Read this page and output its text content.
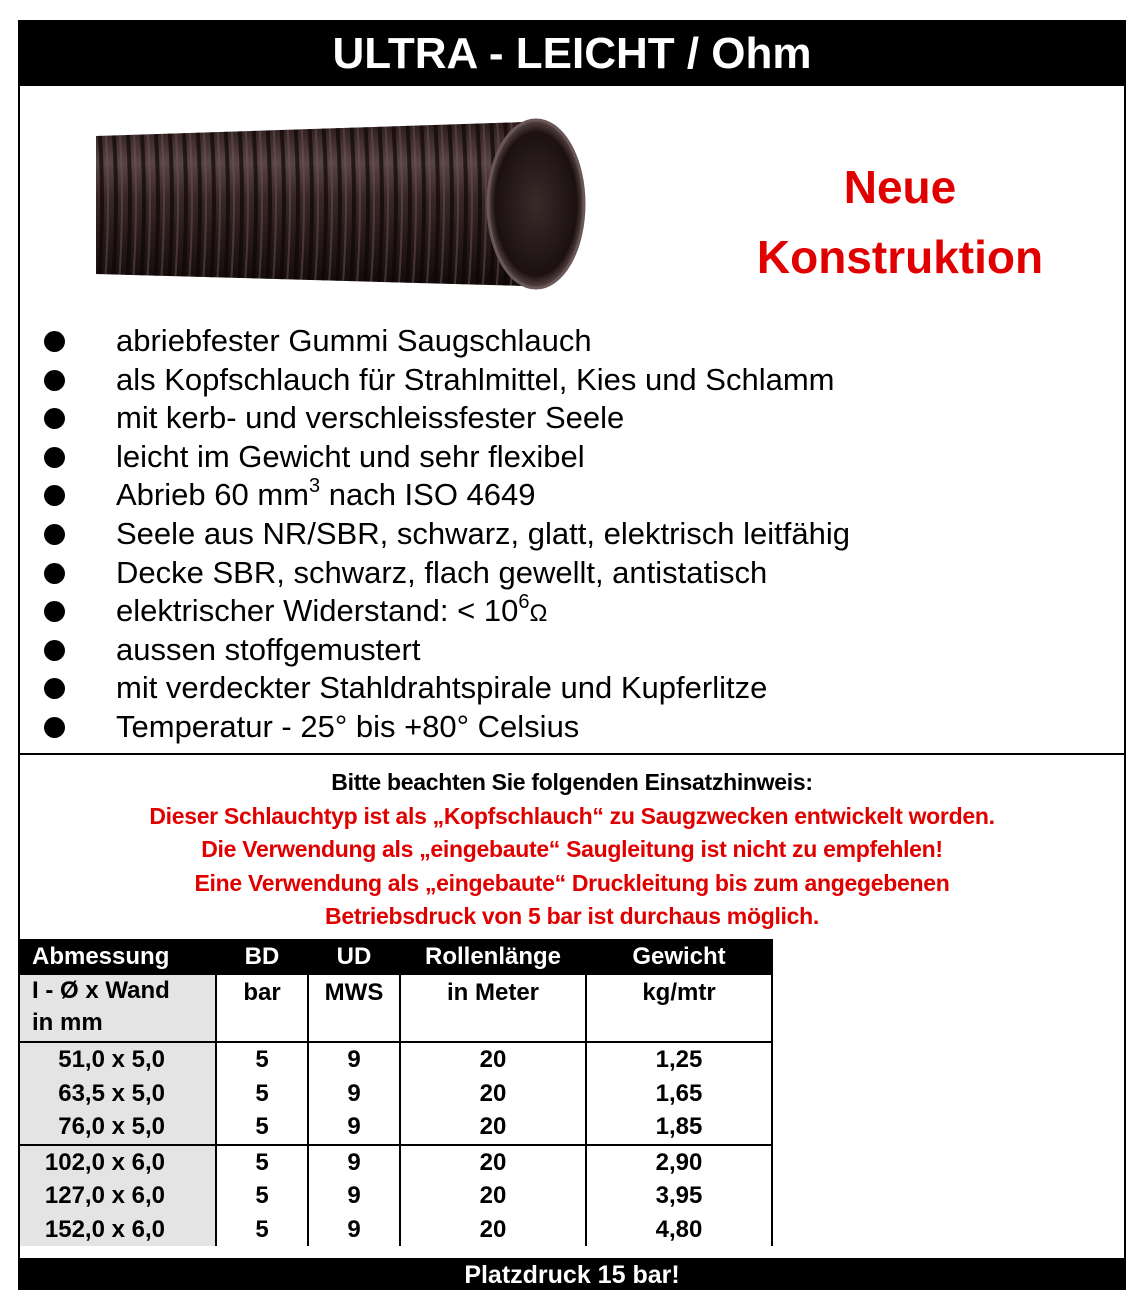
ULTRA - LEICHT / Ohm
Neue
Konstruktion
abriebfester Gummi Saugschlauch
als Kopfschlauch für Strahlmittel, Kies und Schlamm
mit kerb- und verschleissfester Seele
leicht im Gewicht und sehr flexibel
Abrieb 60 $mm^3$ nach ISO 4649
Seele aus NR/SBR, schwarz, glatt, elektrisch leitfähig
Decke SBR, schwarz, flach gewellt, antistatisch
elektrischer Widerstand: < $10^6\Omega$
aussen stoffgemustert
mit verdeckter Stahldrahtspirale und Kupferlitze
Temperatur - 25° bis +80° Celsius
Bitte beachten Sie folgenden Einsatzhinweis:
Dieser Schlauchtyp ist als „Kopfschlauch“ zu Saugzwecken entwickelt worden.
Die Verwendung als „eingebaute“ Saugleitung ist nicht zu empfehlen!
Eine Verwendung als „eingebaute“ Druckleitung bis zum angegebenen
Betriebsdruck von 5 bar ist durchaus möglich.
Abmessung	BD	UD	Rollenlänge	Gewicht
I - Ø x Wand
in mm	bar	MWS	in Meter	kg/mtr
51,0 x 5,0	5	9	20	1,25
63,5 x 5,0	5	9	20	1,65
76,0 x 5,0	5	9	20	1,85
102,0 x 6,0	5	9	20	2,90
127,0 x 6,0	5	9	20	3,95
152,0 x 6,0	5	9	20	4,80
Platzdruck 15 bar!
